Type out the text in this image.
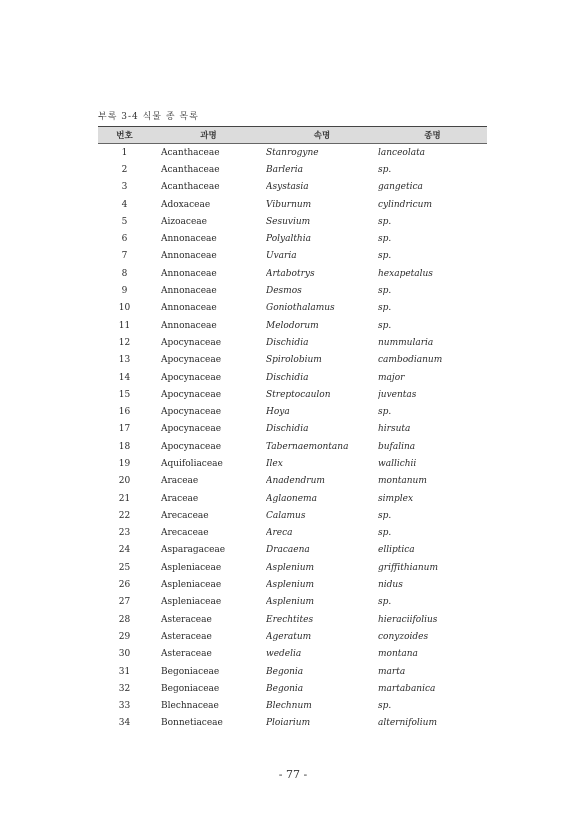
부록 3-4 식물 종 목록
번호	과명	속명	종명
1	Acanthaceae	Stanrogyne	lanceolata
2	Acanthaceae	Barleria	sp.
3	Acanthaceae	Asystasia	gangetica
4	Adoxaceae	Viburnum	cylindricum
5	Aizoaceae	Sesuvium	sp.
6	Annonaceae	Polyalthia	sp.
7	Annonaceae	Uvaria	sp.
8	Annonaceae	Artabotrys	hexapetalus
9	Annonaceae	Desmos	sp.
10	Annonaceae	Goniothalamus	sp.
11	Annonaceae	Melodorum	sp.
12	Apocynaceae	Dischidia	nummularia
13	Apocynaceae	Spirolobium	cambodianum
14	Apocynaceae	Dischidia	major
15	Apocynaceae	Streptocaulon	juventas
16	Apocynaceae	Hoya	sp.
17	Apocynaceae	Dischidia	hirsuta
18	Apocynaceae	Tabernaemontana	bufalina
19	Aquifoliaceae	Ilex	wallichii
20	Araceae	Anadendrum	montanum
21	Araceae	Aglaonema	simplex
22	Arecaceae	Calamus	sp.
23	Arecaceae	Areca	sp.
24	Asparagaceae	Dracaena	elliptica
25	Aspleniaceae	Asplenium	griffithianum
26	Aspleniaceae	Asplenium	nidus
27	Aspleniaceae	Asplenium	sp.
28	Asteraceae	Erechtites	hieraciifolius
29	Asteraceae	Ageratum	conyzoides
30	Asteraceae	wedelia	montana
31	Begoniaceae	Begonia	marta
32	Begoniaceae	Begonia	martabanica
33	Blechnaceae	Blechnum	sp.
34	Bonnetiaceae	Ploiarium	alternifolium
- 77 -
